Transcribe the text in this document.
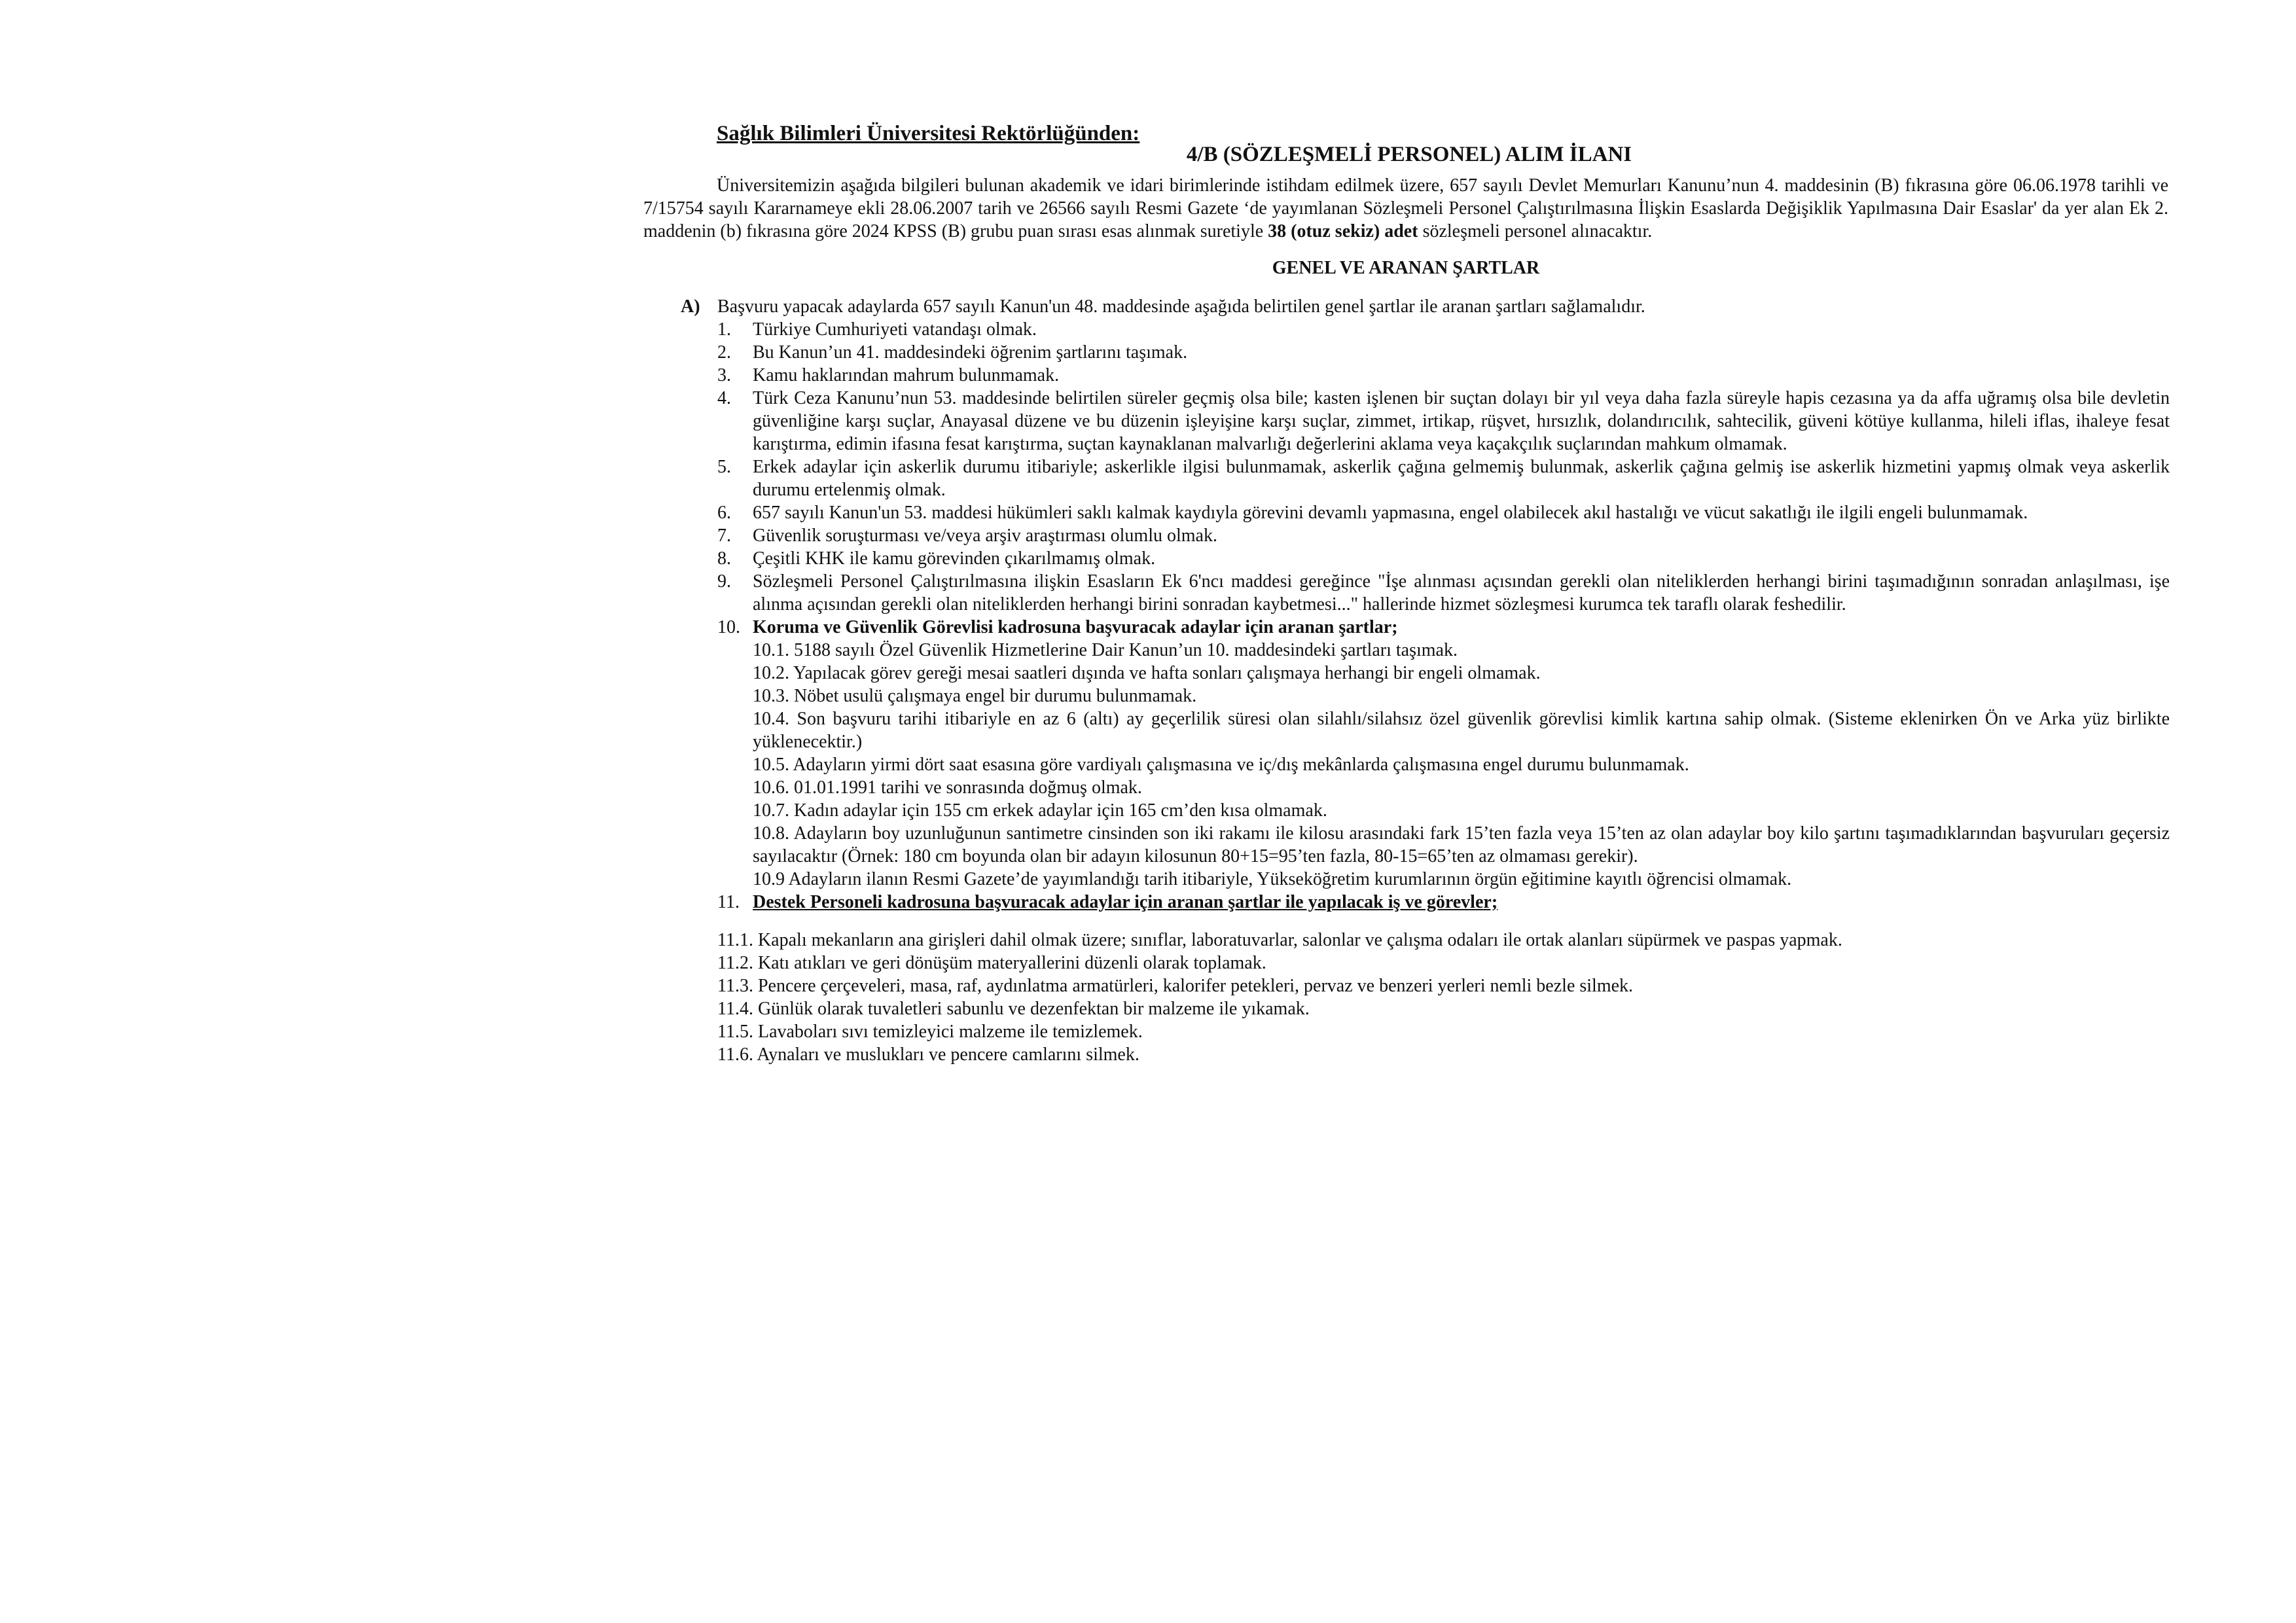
Sağlık Bilimleri Üniversitesi Rektörlüğünden:
4/B (SÖZLEŞMELİ PERSONEL) ALIM İLANI
Üniversitemizin aşağıda bilgileri bulunan akademik ve idari birimlerinde istihdam edilmek üzere, 657 sayılı Devlet Memurları Kanunu’nun 4. maddesinin (B) fıkrasına göre 06.06.1978 tarihli ve 7/15754 sayılı Kararnameye ekli 28.06.2007 tarih ve 26566 sayılı Resmi Gazete ‘de yayımlanan Sözleşmeli Personel Çalıştırılmasına İlişkin Esaslarda Değişiklik Yapılmasına Dair Esaslar' da yer alan Ek 2. maddenin (b) fıkrasına göre 2024 KPSS (B) grubu puan sırası esas alınmak suretiyle 38 (otuz sekiz) adet sözleşmeli personel alınacaktır.
GENEL VE ARANAN ŞARTLAR
A) Başvuru yapacak adaylarda 657 sayılı Kanun'un 48. maddesinde aşağıda belirtilen genel şartlar ile aranan şartları sağlamalıdır.
1.	Türkiye Cumhuriyeti vatandaşı olmak.
2.	Bu Kanun’un 41. maddesindeki öğrenim şartlarını taşımak.
3.	Kamu haklarından mahrum bulunmamak.
4.	Türk Ceza Kanunu’nun 53. maddesinde belirtilen süreler geçmiş olsa bile; kasten işlenen bir suçtan dolayı bir yıl veya daha fazla süreyle hapis cezasına ya da affa uğramış olsa bile devletin güvenliğine karşı suçlar, Anayasal düzene ve bu düzenin işleyişine karşı suçlar, zimmet, irtikap, rüşvet, hırsızlık, dolandırıcılık, sahtecilik, güveni kötüye kullanma, hileli iflas, ihaleye fesat karıştırma, edimin ifasına fesat karıştırma, suçtan kaynaklanan malvarlığı değerlerini aklama veya kaçakçılık suçlarından mahkum olmamak.
5.	Erkek adaylar için askerlik durumu itibariyle; askerlikle ilgisi bulunmamak, askerlik çağına gelmemiş bulunmak, askerlik çağına gelmiş ise askerlik hizmetini yapmış olmak veya askerlik durumu ertelenmiş olmak.
6.	657 sayılı Kanun'un 53. maddesi hükümleri saklı kalmak kaydıyla görevini devamlı yapmasına, engel olabilecek akıl hastalığı ve vücut sakatlığı ile ilgili engeli bulunmamak.
7.	Güvenlik soruşturması ve/veya arşiv araştırması olumlu olmak.
8.	Çeşitli KHK ile kamu görevinden çıkarılmamış olmak.
9.	Sözleşmeli Personel Çalıştırılmasına ilişkin Esasların Ek 6'ncı maddesi gereğince "İşe alınması açısından gerekli olan niteliklerden herhangi birini taşımadığının sonradan anlaşılması, işe alınma açısından gerekli olan niteliklerden herhangi birini sonradan kaybetmesi..." hallerinde hizmet sözleşmesi kurumca tek taraflı olarak feshedilir.
10. Koruma ve Güvenlik Görevlisi kadrosuna başvuracak adaylar için aranan şartlar;
10.1. 5188 sayılı Özel Güvenlik Hizmetlerine Dair Kanun’un 10. maddesindeki şartları taşımak.
10.2. Yapılacak görev gereği mesai saatleri dışında ve hafta sonları çalışmaya herhangi bir engeli olmamak.
10.3. Nöbet usulü çalışmaya engel bir durumu bulunmamak.
10.4. Son başvuru tarihi itibariyle en az 6 (altı) ay geçerlilik süresi olan silahlı/silahsız özel güvenlik görevlisi kimlik kartına sahip olmak. (Sisteme eklenirken Ön ve Arka yüz birlikte yüklenecektir.)
10.5. Adayların yirmi dört saat esasına göre vardiyalı çalışmasına ve iç/dış mekânlarda çalışmasına engel durumu bulunmamak.
10.6. 01.01.1991 tarihi ve sonrasında doğmuş olmak.
10.7. Kadın adaylar için 155 cm erkek adaylar için 165 cm’den kısa olmamak.
10.8. Adayların boy uzunluğunun santimetre cinsinden son iki rakamı ile kilosu arasındaki fark 15’ten fazla veya 15’ten az olan adaylar boy kilo şartını taşımadıklarından başvuruları geçersiz sayılacaktır (Örnek: 180 cm boyunda olan bir adayın kilosunun 80+15=95’ten fazla, 80-15=65’ten az olmaması gerekir).
10.9 Adayların ilanın Resmi Gazete’de yayımlandığı tarih itibariyle, Yükseköğretim kurumlarının örgün eğitimine kayıtlı öğrencisi olmamak.
11. Destek Personeli kadrosuna başvuracak adaylar için aranan şartlar ile yapılacak iş ve görevler;
11.1. Kapalı mekanların ana girişleri dahil olmak üzere; sınıflar, laboratuvarlar, salonlar ve çalışma odaları ile ortak alanları süpürmek ve paspas yapmak.
11.2. Katı atıkları ve geri dönüşüm materyallerini düzenli olarak toplamak.
11.3. Pencere çerçeveleri, masa, raf, aydınlatma armatürleri, kalorifer petekleri, pervaz ve benzeri yerleri nemli bezle silmek.
11.4. Günlük olarak tuvaletleri sabunlu ve dezenfektan bir malzeme ile yıkamak.
11.5. Lavaboları sıvı temizleyici malzeme ile temizlemek.
11.6. Aynaları ve muslukları ve pencere camlarını silmek.
